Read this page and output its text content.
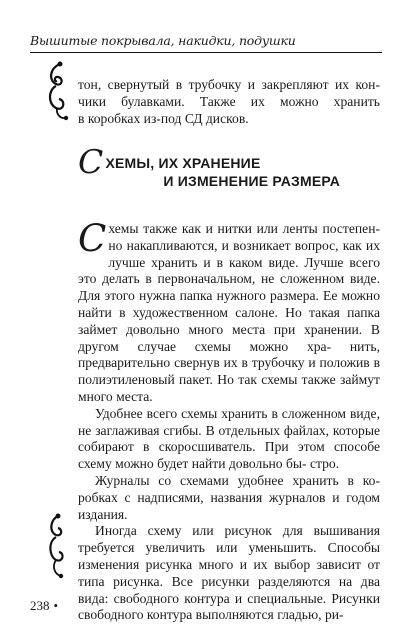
Вышитые покрывала, накидки, подушки

тон, свернутый в трубочку и закрепляют их кон-

чики булавками. Также их можно хранить

в коробках из-под СД дисков.

С ХЕМЫ, ИХ ХРАНЕНИЕ
И ИЗМЕНЕНИЕ РАЗМЕРА

Схемы также как и нитки или ленты постепен- но накапливаются, и возникает вопрос, как их лучше хранить и в каком виде. Лучше всего это делать в первоначальном, не сложенном виде. Для этого нужна папка нужного размера. Ее можно найти в художественном салоне. Но такая папка займет довольно много места при хранении. В другом случае схемы можно хра- нить, предварительно свернув их в трубочку и положив в полиэтиленовый пакет. Но так схемы также займут много места.

Удобнее всего схемы хранить в сложенном виде, не заглаживая сгибы. В отдельных файлах, которые собирают в скоросшиватель. При этом способе схему можно будет найти довольно бы- стро.

Журналы со схемами удобнее хранить в ко- робках с надписями, названия журналов и годом издания.

Иногда схему или рисунок для вышивания требуется увеличить или уменьшить. Способы изменения рисунка много и их выбор зависит от типа рисунка. Все рисунки разделяются на два вида: свободного контура и специальные. Рисунки свободного контура выполняются гладью, ри-

238 •
